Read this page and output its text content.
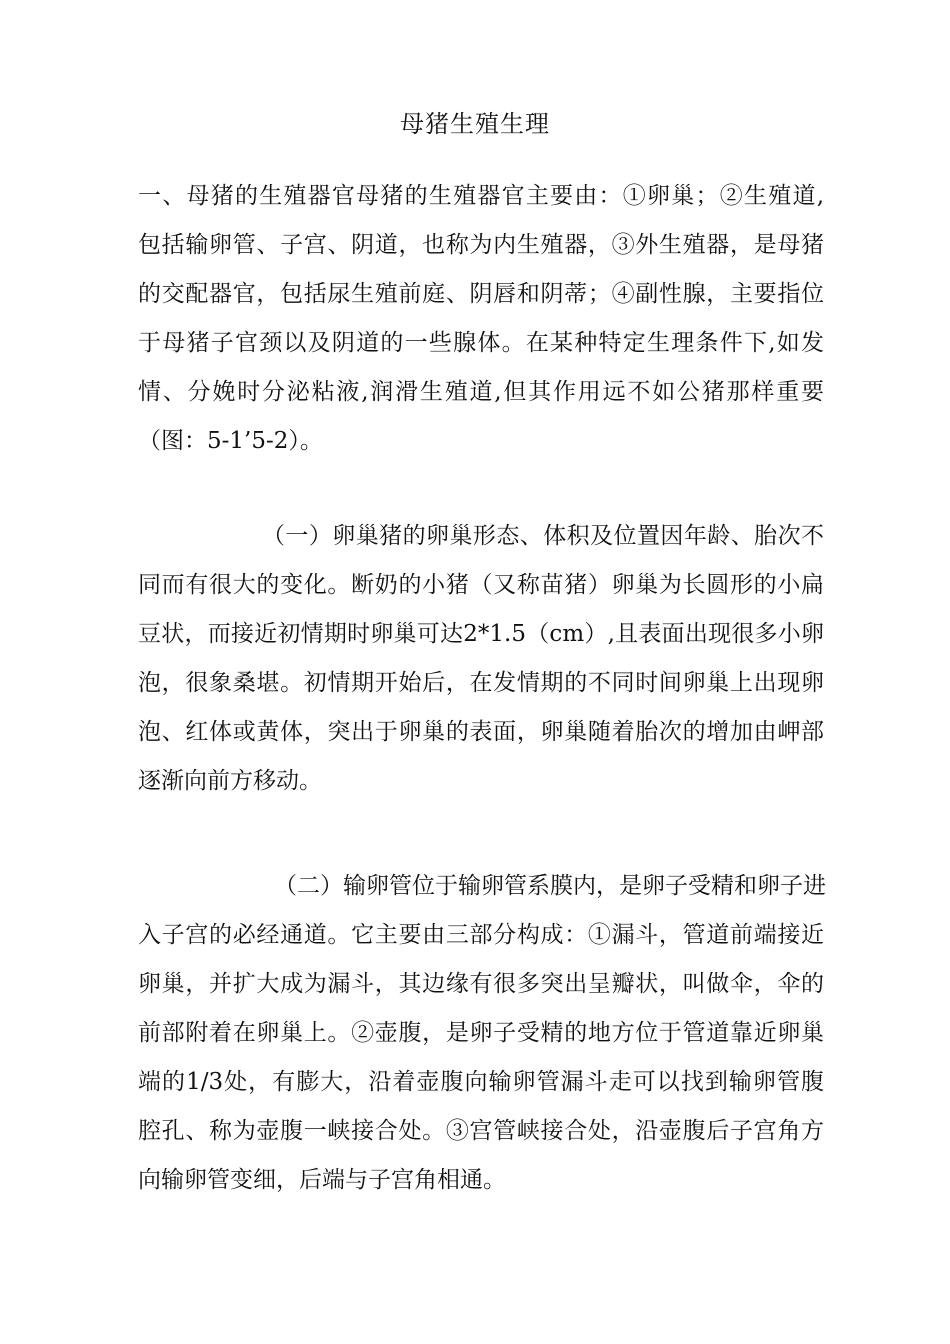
母猪生殖生理
一、母猪的生殖器官母猪的生殖器官主要由：①卵巢；②生殖道,
包括输卵管、子宫、阴道，也称为内生殖器，③外生殖器，是母猪
的交配器官，包括尿生殖前庭、阴唇和阴蒂；④副性腺，主要指位
于母猪子官颈以及阴道的一些腺体。在某种特定生理条件下,如发
情、分娩时分泌粘液,润滑生殖道,但其作用远不如公猪那样重要
（图：5-1’5-2）。
（一）卵巢猪的卵巢形态、体积及位置因年龄、胎次不
同而有很大的变化。断奶的小猪（又称苗猪）卵巢为长圆形的小扁
豆状，而接近初情期时卵巢可达2*1.5（cm）,且表面出现很多小卵
泡，很象桑堪。初情期开始后，在发情期的不同时间卵巢上出现卵
泡、红体或黄体，突出于卵巢的表面，卵巢随着胎次的增加由岬部
逐渐向前方移动。
（二）输卵管位于输卵管系膜内，是卵子受精和卵子进
入子宫的必经通道。它主要由三部分构成：①漏斗，管道前端接近
卵巢，并扩大成为漏斗，其边缘有很多突出呈瓣状，叫做伞，伞的
前部附着在卵巢上。②壶腹，是卵子受精的地方位于管道靠近卵巢
端的1/3处，有膨大，沿着壶腹向输卵管漏斗走可以找到输卵管腹
腔孔、称为壶腹一峡接合处。③宫管峡接合处，沿壶腹后子宫角方
向输卵管变细，后端与子宫角相通。
